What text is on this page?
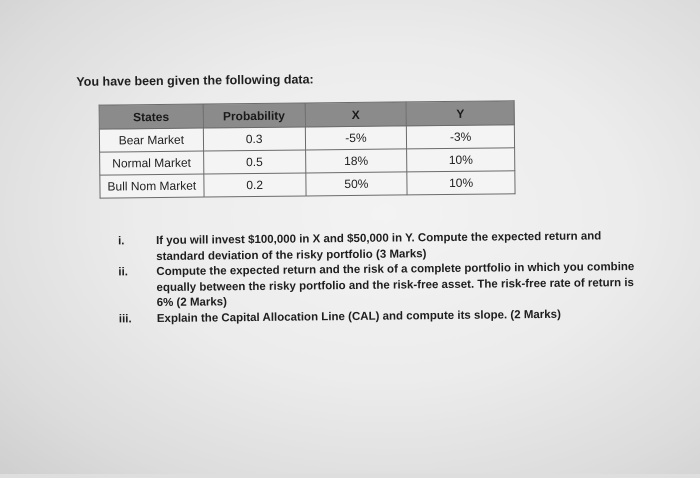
You have been given the following data:

States	Probability	X	Y
Bear Market	0.3	-5%	-3%
Normal Market	0.5	18%	10%
Bull Nom Market	0.2	50%	10%
i.	If you will invest $100,000 in X and $50,000 in Y. Compute the expected return and standard deviation of the risky portfolio (3 Marks)
ii.	Compute the expected return and the risk of a complete portfolio in which you combine equally between the risky portfolio and the risk-free asset. The risk-free rate of return is 6% (2 Marks)
iii.	Explain the Capital Allocation Line (CAL) and compute its slope. (2 Marks)
